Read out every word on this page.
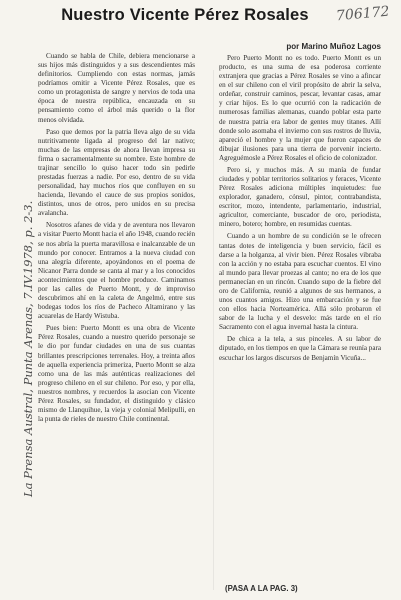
Nuestro Vicente Pérez Rosales	706172
por Marino Muñoz Lagos
La Prensa Austral, Punta Arenas, 7.IV.1978, p. 2-3.

Cuando se habla de Chile, debiera mencionarse a sus hijos más distinguidos y a sus descendientes más definitorios. Cumpliendo con estas normas, jamás podríamos omitir a Vicente Pérez Rosales, que es como un protagonista de sangre y nervios de toda una época de nuestra república, encauzada en su pensamiento como el árbol más querido o la flor menos olvidada.

Paso que demos por la patria lleva algo de su vida nutritivamente ligada al progreso del lar nativo; muchas de las empresas de ahora llevan impresa su firma o sacramentalmente su nombre. Este hombre de trajinar sencillo lo quiso hacer todo sin pedirle prestadas fuerzas a nadie. Por eso, dentro de su vida personalidad, hay muchos ríos que confluyen en su hacienda, llevando el cauce de sus propios sonidos, distintos, unos de otros, pero unidos en su precisa avalancha.

Nosotros afanes de vida y de aventura nos llevaron a visitar Puerto Montt hacia el año 1948, cuando recién se nos abría la puerta maravillosa e inalcanzable de un mundo por conocer. Entramos a la nueva ciudad con una alegría diferente, apoyándonos en el poema de Nicanor Parra donde se canta al mar y a los conocidos acontecimientos que el hombre produce. Caminamos por las calles de Puerto Montt, y de improviso descubrimos ahí en la caleta de Angelmó, entre sus bodegas todos los ríos de Pacheco Altamirano y las acuarelas de Hardy Wistuba.

Pues bien: Puerto Montt es una obra de Vicente Pérez Rosales, cuando a nuestro querido personaje se le dio por fundar ciudades en una de sus cuantas brillantes prescripciones terrenales. Hoy, a treinta años de aquella experiencia primeriza, Puerto Montt se alza como una de las más auténticas realizaciones del progreso chileno en el sur chileno. Por eso, y por ella, nuestros nombres, y recuerdos la asocian con Vicente Pérez Rosales, su fundador, el distinguido y clásico mismo de Llanquihue, la vieja y colonial Melipulli, en la punta de rieles de nuestro Chile continental.

Pero Puerto Montt no es todo. Puerto Montt es un producto, es una suma de esa poderosa corriente extranjera que gracias a Pérez Rosales se vino a afincar en el sur chileno con el viril propósito de abrir la selva, ordeñar, construir caminos, pescar, levantar casas, amar y criar hijos. Es lo que ocurrió con la radicación de numerosas familias alemanas, cuando poblar esta parte de nuestra patria era labor de gentes muy titanes. Allí donde solo asomaba el invierno con sus rostros de lluvia, apareció el hombre y la mujer que fueron capaces de dibujar ilusiones para una tierra de porvenir incierto. Agreguémosle a Pérez Rosales el oficio de colonizador.

Pero si, y muchos más. A su manía de fundar ciudades y poblar territorios solitarios y feraces, Vicente Pérez Rosales adiciona múltiples inquietudes: fue explorador, ganadero, cónsul, pintor, contrabandista, escritor, mozo, intendente, parlamentario, industrial, agricultor, comerciante, buscador de oro, periodista, minero, botero; hombre, en resumidas cuentas.

Cuando a un hombre de su condición se le ofrecen tantas dotes de inteligencia y buen servicio, fácil es darse a la holganza, al vivir bien. Pérez Rosales vibraba con la acción y no estaba para escuchar cuentos. El vino al mundo para llevar proezas al canto; no era de los que permanecían en un rincón. Cuando supo de la fiebre del oro de California, reunió a algunos de sus hermanos, a unos cuantos amigos. Hizo una embarcación y se fue con ellos hacia Norteamérica. Allá sólo probaron el sabor de la lucha y el desvelo: más tarde en el río Sacramento con el agua invernal hasta la cintura.

De chica a la tela, a sus pinceles. A su labor de diputado, en los tiempos en que la Cámara se reunía para escuchar los largos discursos de Benjamín Vicuña...

(PASA A LA PAG. 3)
